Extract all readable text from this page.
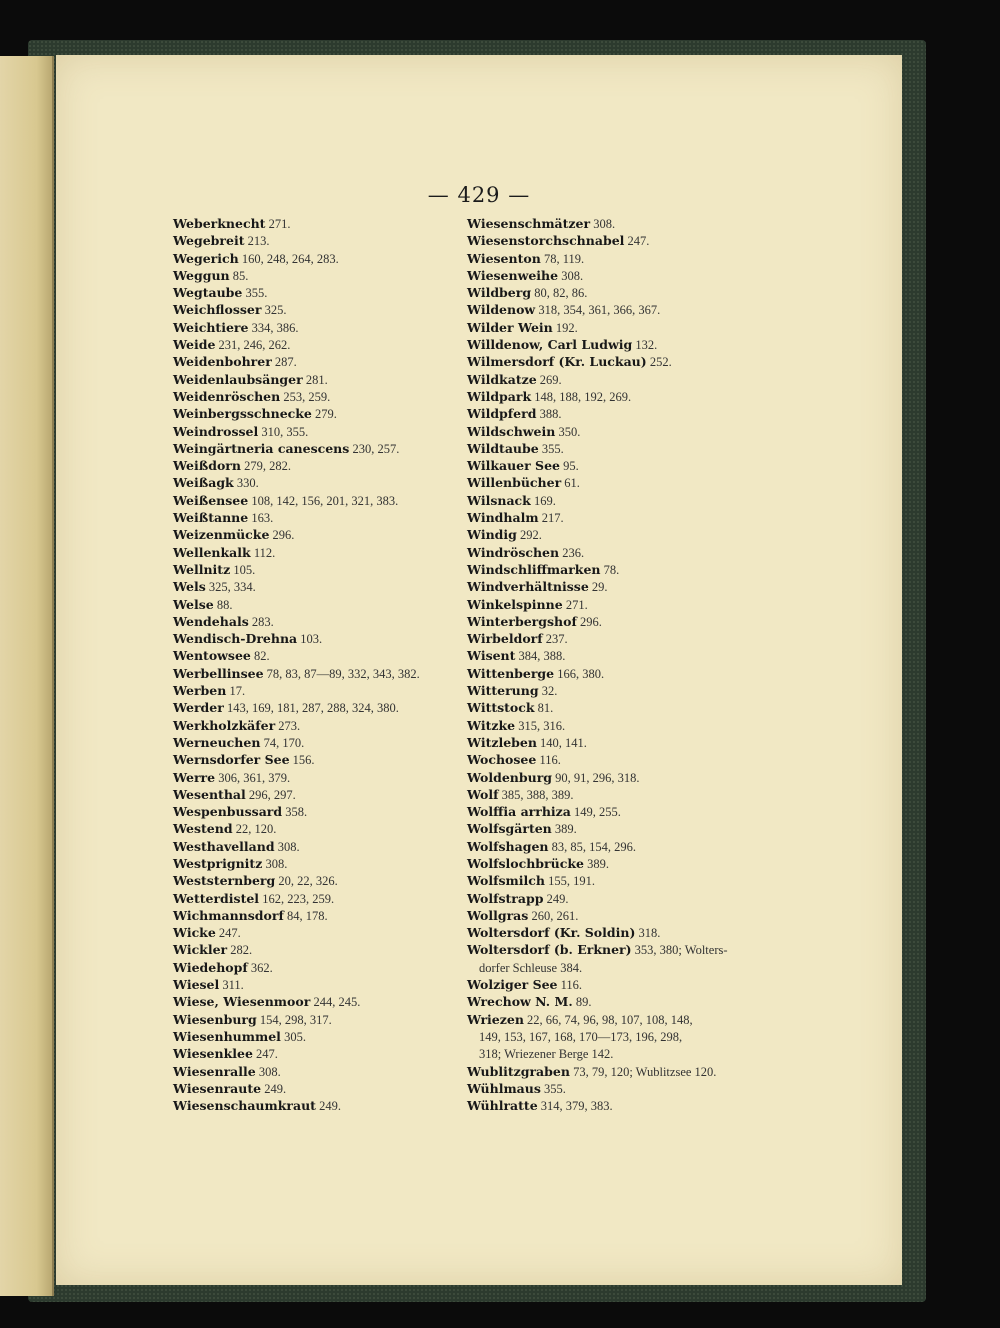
— 429 —
Weberknecht 271.
Wegebreit 213.
Wegerich 160, 248, 264, 283.
Weggun 85.
Wegtaube 355.
Weichflosser 325.
Weichtiere 334, 386.
Weide 231, 246, 262.
Weidenbohrer 287.
Weidenlaubsänger 281.
Weidenröschen 253, 259.
Weinbergsschnecke 279.
Weindrossel 310, 355.
Weingärtneria canescens 230, 257.
Weißdorn 279, 282.
Weißagk 330.
Weißensee 108, 142, 156, 201, 321, 383.
Weißtanne 163.
Weizenmücke 296.
Wellenkalk 112.
Wellnitz 105.
Wels 325, 334.
Welse 88.
Wendehals 283.
Wendisch-Drehna 103.
Wentowsee 82.
Werbellinsee 78, 83, 87—89, 332, 343, 382.
Werben 17.
Werder 143, 169, 181, 287, 288, 324, 380.
Werkholzkäfer 273.
Werneuchen 74, 170.
Wernsdorfer See 156.
Werre 306, 361, 379.
Wesenthal 296, 297.
Wespenbussard 358.
Westend 22, 120.
Westhavelland 308.
Westprignitz 308.
Weststernberg 20, 22, 326.
Wetterdistel 162, 223, 259.
Wichmannsdorf 84, 178.
Wicke 247.
Wickler 282.
Wiedehopf 362.
Wiesel 311.
Wiese, Wiesenmoor 244, 245.
Wiesenburg 154, 298, 317.
Wiesenhummel 305.
Wiesenklee 247.
Wiesenralle 308.
Wiesenraute 249.
Wiesenschaumkraut 249.
Wiesenschmätzer 308.
Wiesenstorchschnabel 247.
Wiesenton 78, 119.
Wiesenweihe 308.
Wildberg 80, 82, 86.
Wildenow 318, 354, 361, 366, 367.
Wilder Wein 192.
Willdenow, Carl Ludwig 132.
Wilmersdorf (Kr. Luckau) 252.
Wildkatze 269.
Wildpark 148, 188, 192, 269.
Wildpferd 388.
Wildschwein 350.
Wildtaube 355.
Wilkauer See 95.
Willenbücher 61.
Wilsnack 169.
Windhalm 217.
Windig 292.
Windröschen 236.
Windschliffmarken 78.
Windverhältnisse 29.
Winkelspinne 271.
Winterbergshof 296.
Wirbeldorf 237.
Wisent 384, 388.
Wittenberge 166, 380.
Witterung 32.
Wittstock 81.
Witzke 315, 316.
Witzleben 140, 141.
Wochosee 116.
Woldenburg 90, 91, 296, 318.
Wolf 385, 388, 389.
Wolffia arrhiza 149, 255.
Wolfsgärten 389.
Wolfshagen 83, 85, 154, 296.
Wolfslochbrücke 389.
Wolfsmilch 155, 191.
Wolfstrapp 249.
Wollgras 260, 261.
Woltersdorf (Kr. Soldin) 318.
Woltersdorf (b. Erkner) 353, 380; Wolters-
dorfer Schleuse 384.
Wolziger See 116.
Wrechow N. M. 89.
Wriezen 22, 66, 74, 96, 98, 107, 108, 148,
149, 153, 167, 168, 170—173, 196, 298,
318; Wriezener Berge 142.
Wublitzgraben 73, 79, 120; Wublitzsee 120.
Wühlmaus 355.
Wühlratte 314, 379, 383.
